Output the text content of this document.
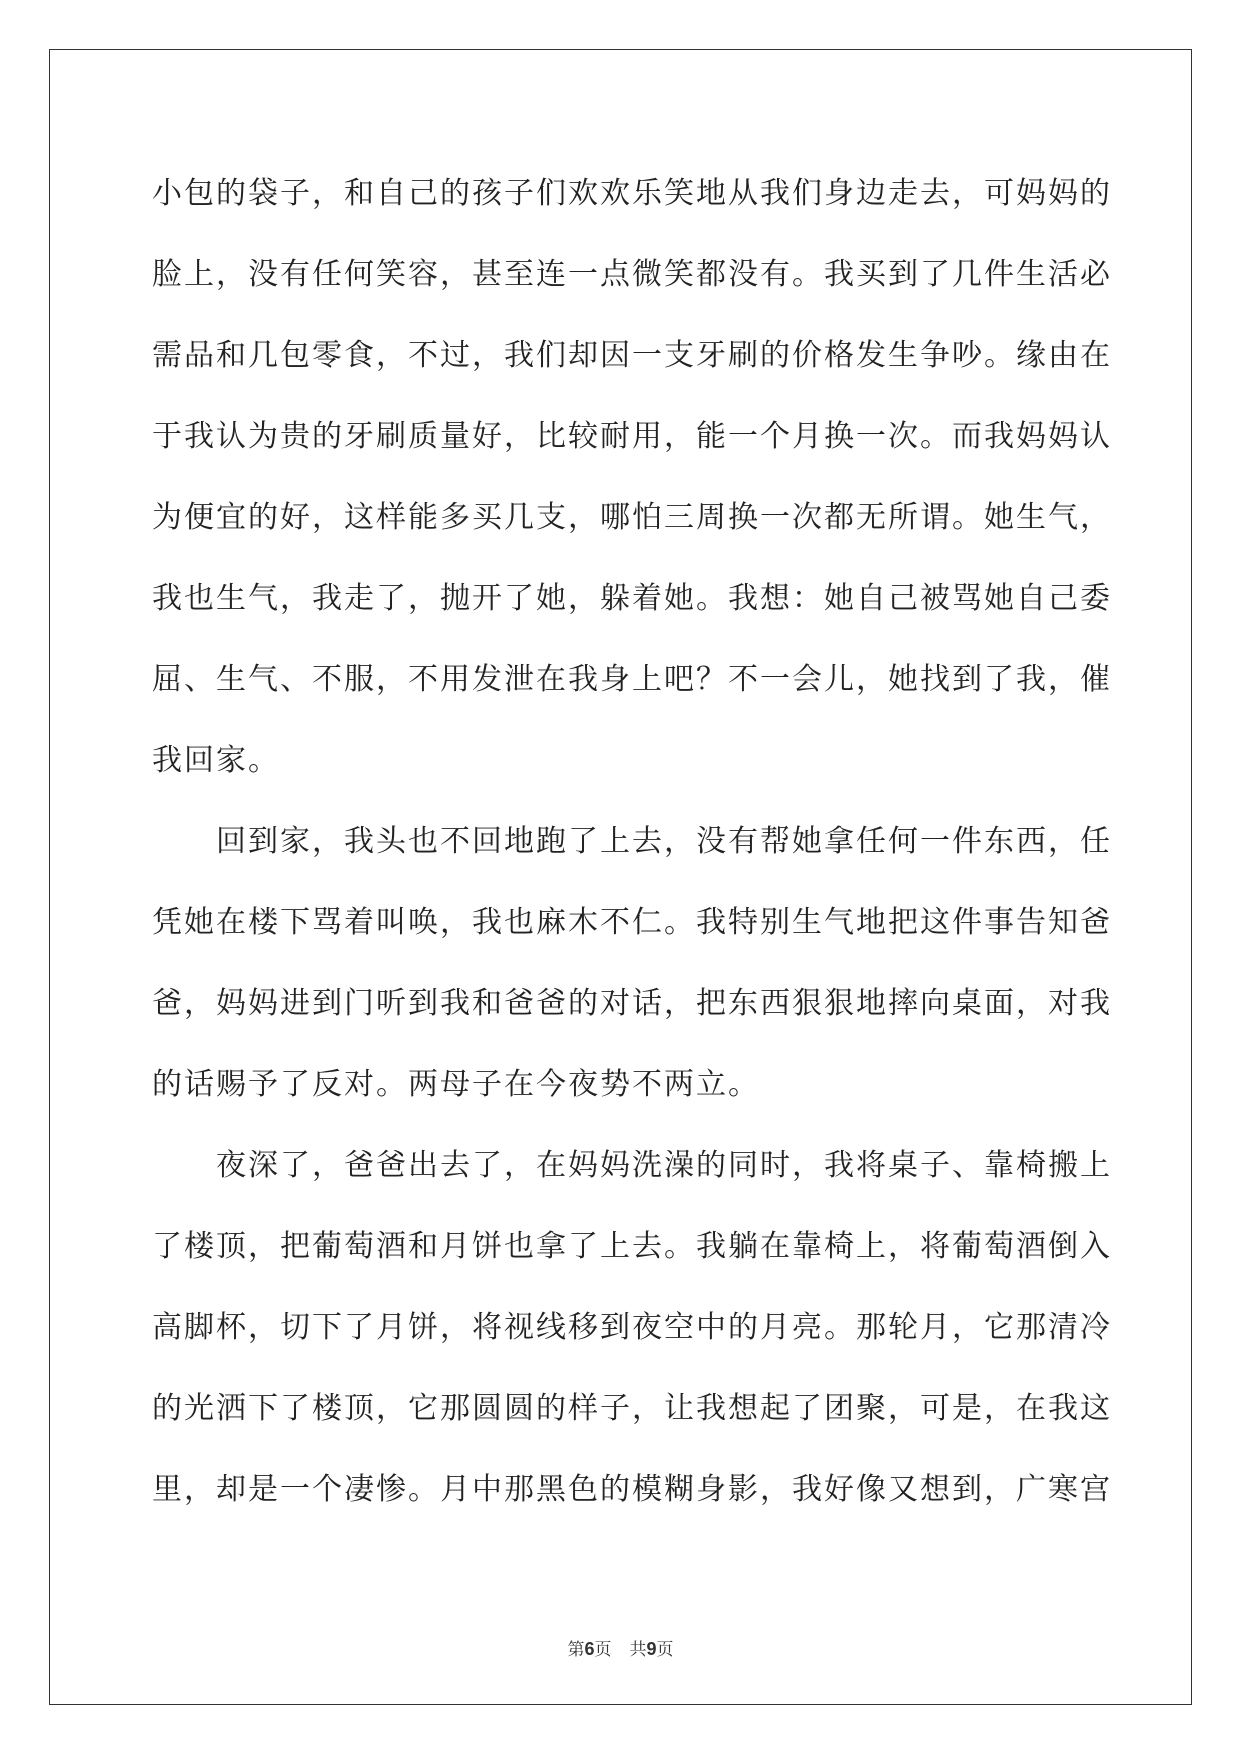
小包的袋子，和自己的孩子们欢欢乐笑地从我们身边走去，可妈妈的
脸上，没有任何笑容，甚至连一点微笑都没有。我买到了几件生活必
需品和几包零食，不过，我们却因一支牙刷的价格发生争吵。缘由在
于我认为贵的牙刷质量好，比较耐用，能一个月换一次。而我妈妈认
为便宜的好，这样能多买几支，哪怕三周换一次都无所谓。她生气，
我也生气，我走了，抛开了她，躲着她。我想：她自己被骂她自己委
屈、生气、不服，不用发泄在我身上吧？不一会儿，她找到了我，催
我回家。
　　回到家，我头也不回地跑了上去，没有帮她拿任何一件东西，任
凭她在楼下骂着叫唤，我也麻木不仁。我特别生气地把这件事告知爸
爸，妈妈进到门听到我和爸爸的对话，把东西狠狠地摔向桌面，对我
的话赐予了反对。两母子在今夜势不两立。
　　夜深了，爸爸出去了，在妈妈洗澡的同时，我将桌子、靠椅搬上
了楼顶，把葡萄酒和月饼也拿了上去。我躺在靠椅上，将葡萄酒倒入
高脚杯，切下了月饼，将视线移到夜空中的月亮。那轮月，它那清冷
的光洒下了楼顶，它那圆圆的样子，让我想起了团聚，可是，在我这
里，却是一个凄惨。月中那黑色的模糊身影，我好像又想到，广寒宫
第6页 共9页
